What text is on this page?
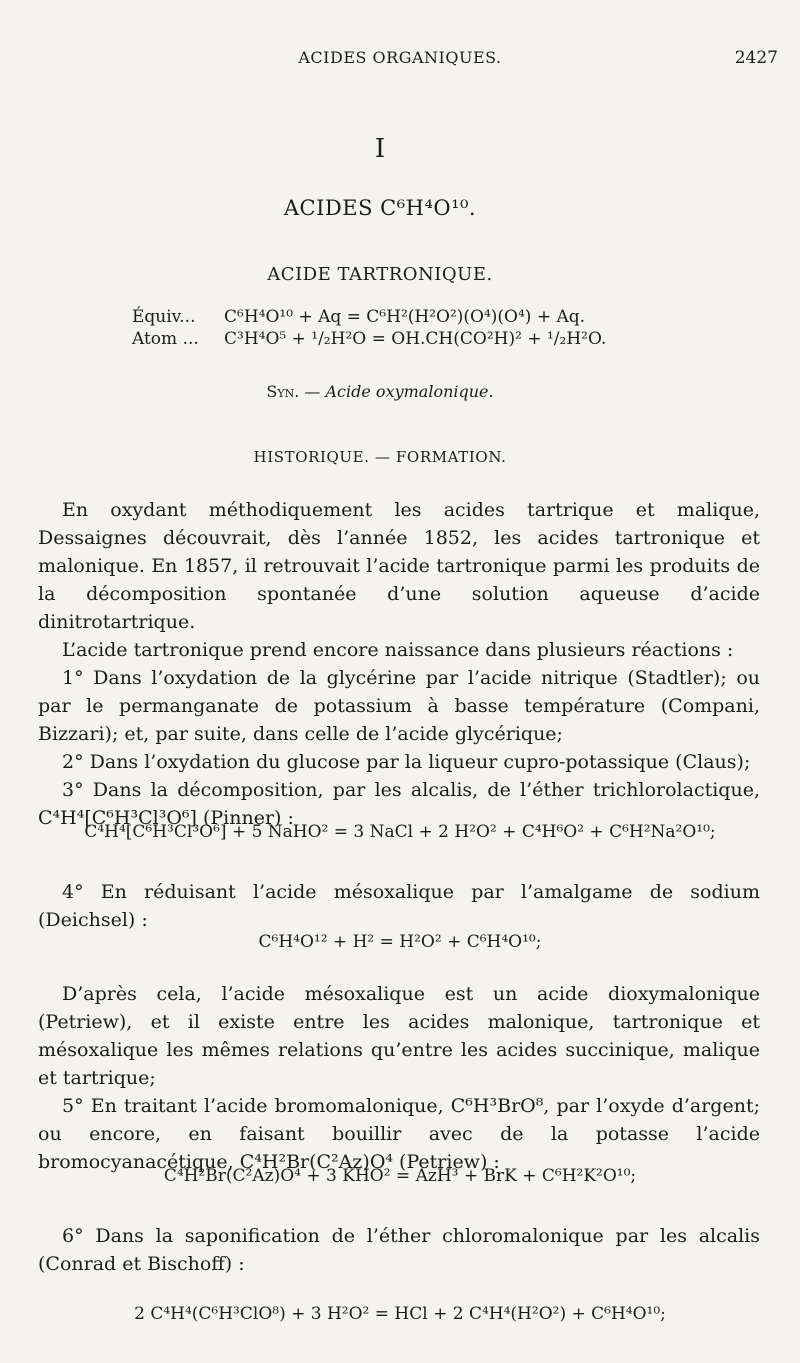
ACIDES ORGANIQUES.	2427
I
ACIDES C⁶H⁴O¹⁰.
ACIDE TARTRONIQUE.
Équiv... C⁶H⁴O¹⁰ + Aq = C⁶H²(H²O²)(O⁴)(O⁴) + Aq.
Atom ... C³H⁴O⁵ + ¹/₂H²O = OH.CH(CO²H)² + ¹/₂H²O.
Syn. — Acide oxymalonique.
HISTORIQUE. — FORMATION.

En oxydant méthodiquement les acides tartrique et malique, Dessaignes découvrait, dès l’année 1852, les acides tartronique et malonique. En 1857, il retrouvait l’acide tartronique parmi les produits de la décomposition spontanée d’une solution aqueuse d’acide dinitrotartrique.

L’acide tartronique prend encore naissance dans plusieurs réactions :

1° Dans l’oxydation de la glycérine par l’acide nitrique (Stadtler); ou par le permanganate de potassium à basse température (Compani, Bizzari); et, par suite, dans celle de l’acide glycérique;

2° Dans l’oxydation du glucose par la liqueur cupro-potassique (Claus);

3° Dans la décomposition, par les alcalis, de l’éther trichlorolactique, C⁴H⁴[C⁶H³Cl³O⁶] (Pinner) :

C⁴H⁴[C⁶H³Cl³O⁶] + 5 NaHO² = 3 NaCl + 2 H²O² + C⁴H⁶O² + C⁶H²Na²O¹⁰;

4° En réduisant l’acide mésoxalique par l’amalgame de sodium (Deichsel) :

C⁶H⁴O¹² + H² = H²O² + C⁶H⁴O¹⁰;

D’après cela, l’acide mésoxalique est un acide dioxymalonique (Petriew), et il existe entre les acides malonique, tartronique et mésoxalique les mêmes relations qu’entre les acides succinique, malique et tartrique;

5° En traitant l’acide bromomalonique, C⁶H³BrO⁸, par l’oxyde d’argent; ou encore, en faisant bouillir avec de la potasse l’acide bromocyanacétique, C⁴H²Br(C²Az)O⁴ (Petriew) :

C⁴H²Br(C²Az)O⁴ + 3 KHO² = AzH³ + BrK + C⁶H²K²O¹⁰;

6° Dans la saponification de l’éther chloromalonique par les alcalis (Conrad et Bischoff) :

2 C⁴H⁴(C⁶H³ClO⁸) + 3 H²O² = HCl + 2 C⁴H⁴(H²O²) + C⁶H⁴O¹⁰;
